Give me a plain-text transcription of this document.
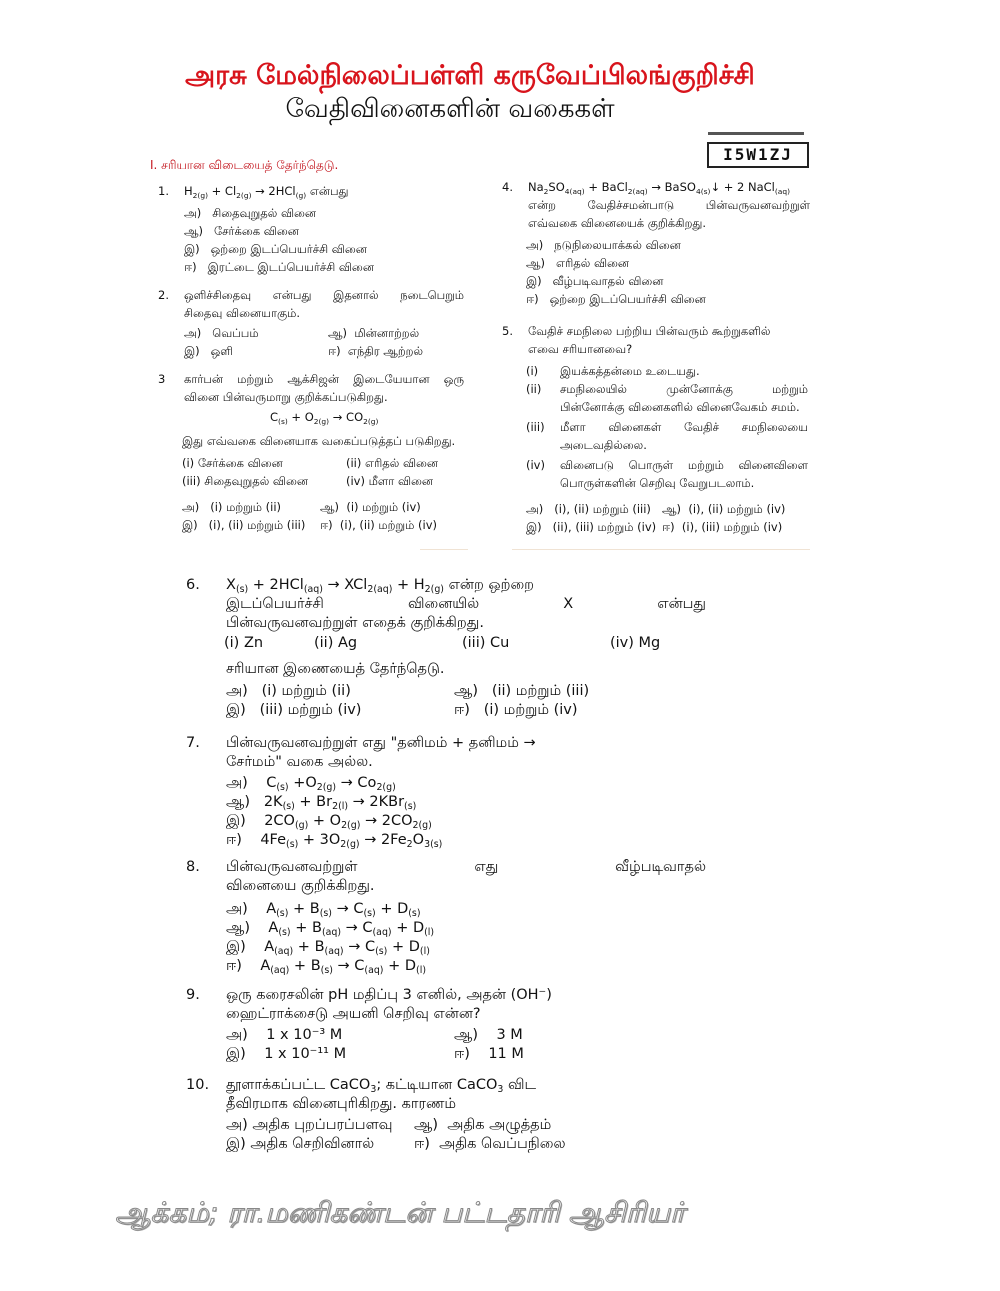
அரசு மேல்நிலைப்பள்ளி கருவேப்பிலங்குறிச்சி
வேதிவினைகளின் வகைகள்
I5W1ZJ
I. சரியான விடையைத் தேர்ந்தெடு.
1. $H_{2(g)} + Cl_{2(g)} \to 2HCl_{(g)}$ என்பது
அ) சிதைவுறுதல் வினை
ஆ) சேர்க்கை வினை
இ) ஒற்றை இடப்பெயர்ச்சி வினை
ஈ) இரட்டை இடப்பெயர்ச்சி வினை
2. ஒளிச்சிதைவு என்பது இதனால் நடைபெறும்
சிதைவு வினையாகும்.
அ) வெப்பம்	ஆ) மின்னாற்றல்
இ) ஒளி	ஈ) எந்திர ஆற்றல்
3 கார்பன் மற்றும் ஆக்சிஜன் இடையேயான ஒரு
வினை பின்வருமாறு குறிக்கப்படுகிறது.
$C_{(s)} + O_{2(g)} \to CO_{2(g)}$
இது எவ்வகை வினையாக வகைப்படுத்தப் படுகிறது.
(i) சேர்க்கை வினை	(ii) எரிதல் வினை
(iii) சிதைவுறுதல் வினை	(iv) மீளா வினை
அ) (i) மற்றும் (ii)	ஆ) (i) மற்றும் (iv)
இ) (i), (ii) மற்றும் (iii) ஈ) (i), (ii) மற்றும் (iv)
4. $Na_2SO_{4(aq)}$ + BaCl$_{2(aq)}$ → BaSO$_{4(s)}$↓ + 2 NaCl$_{(aq)}$
என்ற வேதிச்சமன்பாடு பின்வருவனவற்றுள்
எவ்வகை வினையைக் குறிக்கிறது.
அ) நடுநிலையாக்கல் வினை
ஆ) எரிதல் வினை
இ) வீழ்படிவாதல் வினை
ஈ) ஒற்றை இடப்பெயர்ச்சி வினை
5. வேதிச் சமநிலை பற்றிய பின்வரும் கூற்றுகளில்
எவை சரியானவை?
(i) இயக்கத்தன்மை உடையது.
(ii) சமநிலையில் முன்னோக்கு மற்றும்
பின்னோக்கு வினைகளில் வினைவேகம் சமம்.
(iii) மீளா வினைகள் வேதிச் சமநிலையை
அடைவதில்லை.
(iv) வினைபடு பொருள் மற்றும் வினைவிளை
பொருள்களின் செறிவு வேறுபடலாம்.
அ) (i), (ii) மற்றும் (iii) ஆ) (i), (ii) மற்றும் (iv)
இ) (ii), (iii) மற்றும் (iv) ஈ) (i), (iii) மற்றும் (iv)
6. $X_{(s)} + 2HCl_{(aq)} \to XCl_{2(aq)} + H_{2(g)}$ என்ற ஒற்றை
இடப்பெயர்ச்சி வினையில் X என்பது
பின்வருவனவற்றுள் எதைக் குறிக்கிறது.
(i) Zn	(ii) Ag	(iii) Cu	(iv) Mg
சரியான இணையைத் தேர்ந்தெடு.
அ) (i) மற்றும் (ii)	ஆ) (ii) மற்றும் (iii)
இ) (iii) மற்றும் (iv)	ஈ) (i) மற்றும் (iv)
7. பின்வருவனவற்றுள் எது "தனிமம் + தனிமம் →
சேர்மம்" வகை அல்ல.
அ)    $C_{(s)} +O_{2(g)} \to Co_{2(g)}$
ஆ)   $2K_{(s)} + Br_{2(l)} \to 2KBr_{(s)}$
இ)    $2CO_{(g)} + O_{2(g)} \to 2CO_{2(g)}$
ஈ)    $4Fe_{(s)} + 3O_{2(g)} \to 2Fe_2O_{3(s)}$
8. பின்வருவனவற்றுள் எது வீழ்படிவாதல்
வினையை குறிக்கிறது.
அ)    $A_{(s)} + B_{(s)} \to C_{(s)} + D_{(s)}$
ஆ)    $A_{(s)} + B_{(aq)} \to C_{(aq)} + D_{(l)}$
இ)    $A_{(aq)} + B_{(aq)} \to C_{(s)} + D_{(l)}$
ஈ)    $A_{(aq)} + B_{(s)} \to C_{(aq)} + D_{(l)}$
9. ஒரு கரைசலின் pH மதிப்பு 3 எனில், அதன் (OH⁻)
ஹைட்ராக்சைடு அயனி செறிவு என்ன?
அ) 1 x 10⁻³ M	ஆ) 3 M
இ) 1 x 10⁻¹¹ M	ஈ) 11 M
10. தூளாக்கப்பட்ட CaCO$_3$; கட்டியான CaCO$_3$ விட
தீவிரமாக வினைபுரிகிறது. காரணம்
அ) அதிக புறப்பரப்பளவு ஆ) அதிக அழுத்தம்
இ) அதிக செறிவினால்	ஈ) அதிக வெப்பநிலை
ஆக்கம்; ரா.மணிகண்டன் பட்டதாரி ஆசிரியர்
